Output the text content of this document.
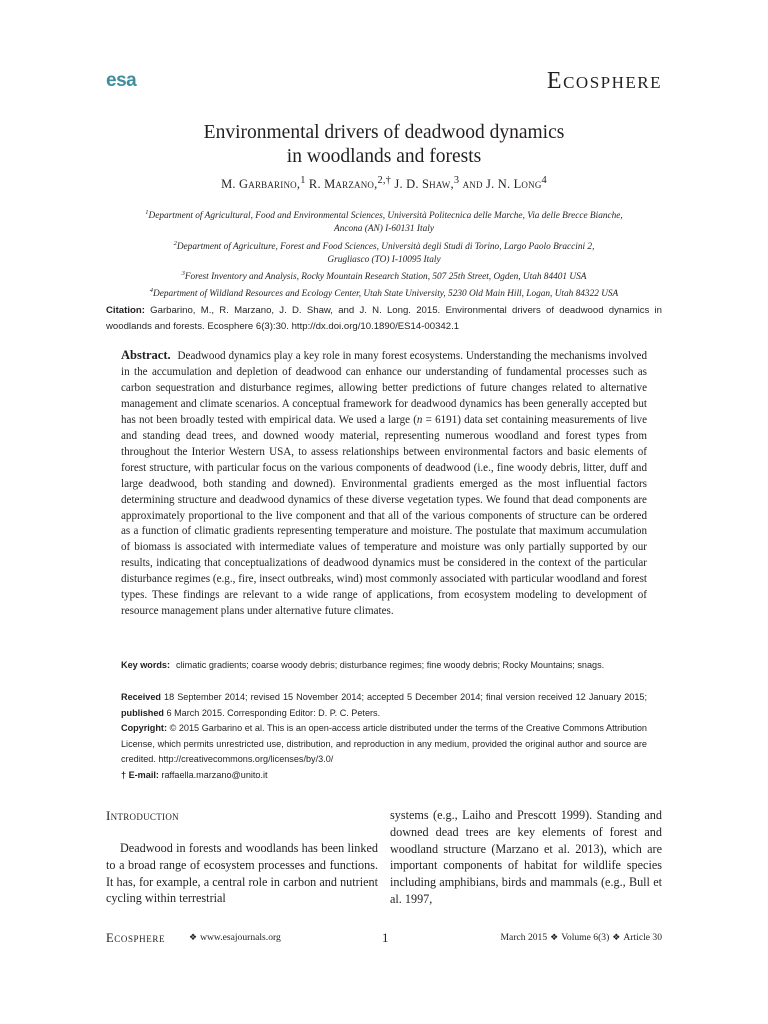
esa	Ecosphere
Environmental drivers of deadwood dynamics
in woodlands and forests
M. Garbarino,$^1$ R. Marzano,$^{2,\dagger}$ J. D. Shaw,$^3$ and J. N. Long$^4$
$^1$Department of Agricultural, Food and Environmental Sciences, Università Politecnica delle Marche, Via delle Brecce Bianche,
Ancona (AN) I-60131 Italy
$^2$Department of Agriculture, Forest and Food Sciences, Università degli Studi di Torino, Largo Paolo Braccini 2,
Grugliasco (TO) I-10095 Italy
$^3$Forest Inventory and Analysis, Rocky Mountain Research Station, 507 25th Street, Ogden, Utah 84401 USA
$^4$Department of Wildland Resources and Ecology Center, Utah State University, 5230 Old Main Hill, Logan, Utah 84322 USA
Citation: Garbarino, M., R. Marzano, J. D. Shaw, and J. N. Long. 2015. Environmental drivers of deadwood dynamics in woodlands and forests. Ecosphere 6(3):30. http://dx.doi.org/10.1890/ES14-00342.1
Abstract. Deadwood dynamics play a key role in many forest ecosystems. Understanding the mechanisms involved in the accumulation and depletion of deadwood can enhance our understanding of fundamental processes such as carbon sequestration and disturbance regimes, allowing better predictions of future changes related to alternative management and climate scenarios. A conceptual framework for deadwood dynamics has been generally accepted but has not been broadly tested with empirical data. We used a large (n = 6191) data set containing measurements of live and standing dead trees, and downed woody material, representing numerous woodland and forest types from throughout the Interior Western USA, to assess relationships between environmental factors and basic elements of forest structure, with particular focus on the various components of deadwood (i.e., fine woody debris, litter, duff and large deadwood, both standing and downed). Environmental gradients emerged as the most influential factors determining structure and deadwood dynamics of these diverse vegetation types. We found that dead components are approximately proportional to the live component and that all of the various components of structure can be ordered as a function of climatic gradients representing temperature and moisture. The postulate that maximum accumulation of biomass is associated with intermediate values of temperature and moisture was only partially supported by our results, indicating that conceptualizations of deadwood dynamics must be considered in the context of the particular disturbance regimes (e.g., fire, insect outbreaks, wind) most commonly associated with particular woodland and forest types. These findings are relevant to a wide range of applications, from ecosystem modeling to development of resource management plans under alternative future climates.
Key words: climatic gradients; coarse woody debris; disturbance regimes; fine woody debris; Rocky Mountains; snags.

Received 18 September 2014; revised 15 November 2014; accepted 5 December 2014; final version received 12 January 2015; published 6 March 2015. Corresponding Editor: D. P. C. Peters.

Copyright: © 2015 Garbarino et al. This is an open-access article distributed under the terms of the Creative Commons Attribution License, which permits unrestricted use, distribution, and reproduction in any medium, provided the original author and source are credited. http://creativecommons.org/licenses/by/3.0/

† E-mail: raffaella.marzano@unito.it

Introduction
Deadwood in forests and woodlands has been linked to a broad range of ecosystem processes and functions. It has, for example, a central role in carbon and nutrient cycling within terrestrial
systems (e.g., Laiho and Prescott 1999). Standing and downed dead trees are key elements of forest and woodland structure (Marzano et al. 2013), which are important components of habitat for wildlife species including amphibians, birds and mammals (e.g., Bull et al. 1997,
Ecosphere	❖ www.esajournals.org	1	March 2015 ❖ Volume 6(3) ❖ Article 30
